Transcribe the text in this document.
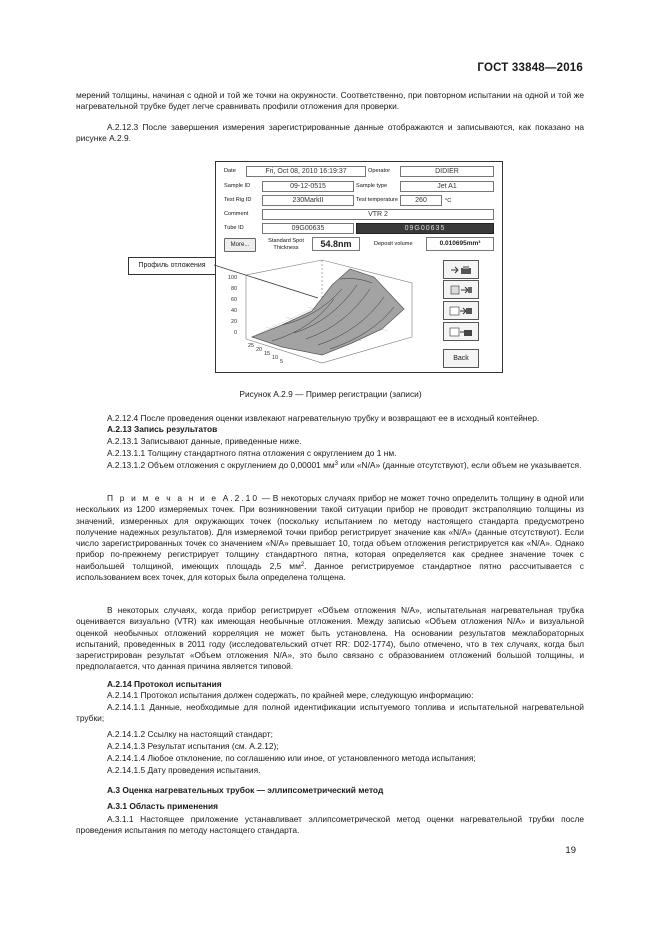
ГОСТ 33848—2016

мерений толщины, начиная с одной и той же точки на окружности. Соответственно, при повторном испытании на одной и той же нагревательной трубке будет легче сравнивать профили отложения для проверки.

А.2.12.3 После завершения измерения зарегистрированные данные отображаются и записываются, как показано на рисунке А.2.9.

Date	Fri, Oct 08, 2010 16:19:37	Operator	DIDIER
Sample ID	09-12-0515	Sample type	Jet A1
Test Rig ID	230MarkII	Test temperature	260	°C
Comment	VTR 2
Tube ID	09G00635	09G00635
More...
Standard Spot Thickness	54.8nm	Deposit volume	0.010695mm³
100
80
60
40
20
0
25
20
15
10
5	Back
Профиль отложения
Рисунок А.2.9 — Пример регистрации (записи)

А.2.12.4 После проведения оценки извлекают нагревательную трубку и возвращают ее в исходный контейнер.

А.2.13 Запись результатов

А.2.13.1 Записывают данные, приведенные ниже.

А.2.13.1.1 Толщину стандартного пятна отложения с округлением до 1 нм.

А.2.13.1.2 Объем отложения с округлением до 0,00001 $мм^3$ или «N/A» (данные отсутствуют), если объем не указывается.

П р и м е ч а н и е А.2.10 — В некоторых случаях прибор не может точно определить толщину в одной или нескольких из 1200 измеряемых точек. При возникновении такой ситуации прибор не проводит экстраполяцию толщины из значений, измеренных для окружающих точек (поскольку испытанием по методу настоящего стандарта предусмотрено получение надежных результатов). Для измеряемой точки прибор регистрирует значение как «N/A» (данные отсутствуют). Если число зарегистрированных точек со значением «N/A» превышает 10, тогда объем отложения регистрируется как «N/A». Однако прибор по-прежнему регистрирует толщину стандартного пятна, которая определяется как среднее значение точек с наибольшей толщиной, имеющих площадь 2,5 $мм^2$. Данное регистрируемое стандартное пятно рассчитывается с использованием всех точек, для которых была определена толщена.

В некоторых случаях, когда прибор регистрирует «Объем отложения N/A», испытательная нагревательная трубка оценивается визуально (VTR) как имеющая необычные отложения. Между записью «Объем отложения N/A» и визуальной оценкой необычных отложений корреляция не может быть установлена. На основании результатов межлабораторных испытаний, проведенных в 2011 году (исследовательский отчет RR: D02-1774), было отмечено, что в тех случаях, когда был зарегистрирован результат «Объем отложения N/A», это было связано с образованием отложений большой толщины, и предполагается, что данная причина является типовой.

А.2.14 Протокол испытания

А.2.14.1 Протокол испытания должен содержать, по крайней мере, следующую информацию:

А.2.14.1.1 Данные, необходимые для полной идентификации испытуемого топлива и испытательной нагревательной трубки;

А.2.14.1.2 Ссылку на настоящий стандарт;

А.2.14.1.3 Результат испытания (см. А.2.12);

А.2.14.1.4 Любое отклонение, по соглашению или иное, от установленного метода испытания;

А.2.14.1.5 Дату проведения испытания.

А.3 Оценка нагревательных трубок — эллипсометрический метод

А.3.1 Область применения

А.3.1.1 Настоящее приложение устанавливает эллипсометрической метод оценки нагревательной трубки после проведения испытания по методу настоящего стандарта.

19
